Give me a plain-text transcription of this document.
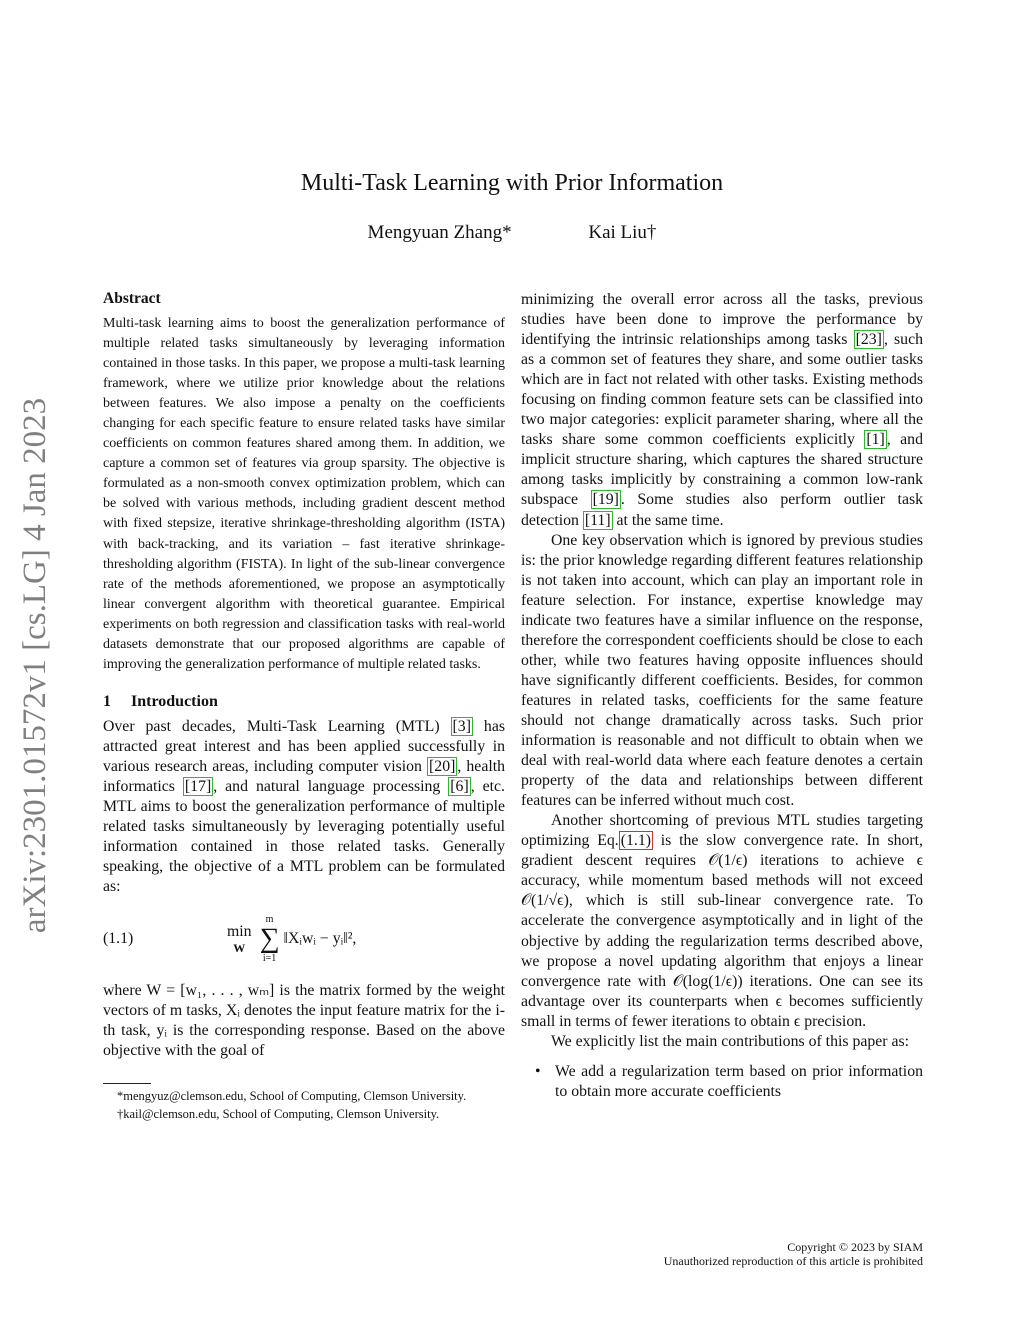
arXiv:2301.01572v1 [cs.LG] 4 Jan 2023
Multi-Task Learning with Prior Information
Mengyuan Zhang*	Kai Liu†
Abstract

Multi-task learning aims to boost the generalization performance of multiple related tasks simultaneously by leveraging information contained in those tasks. In this paper, we propose a multi-task learning framework, where we utilize prior knowledge about the relations between features. We also impose a penalty on the coefficients changing for each specific feature to ensure related tasks have similar coefficients on common features shared among them. In addition, we capture a common set of features via group sparsity. The objective is formulated as a non-smooth convex optimization problem, which can be solved with various methods, including gradient descent method with fixed stepsize, iterative shrinkage-thresholding algorithm (ISTA) with back-tracking, and its variation – fast iterative shrinkage-thresholding algorithm (FISTA). In light of the sub-linear convergence rate of the methods aforementioned, we propose an asymptotically linear convergent algorithm with theoretical guarantee. Empirical experiments on both regression and classification tasks with real-world datasets demonstrate that our proposed algorithms are capable of improving the generalization performance of multiple related tasks.

1 Introduction

Over past decades, Multi-Task Learning (MTL) [3] has attracted great interest and has been applied successfully in various research areas, including computer vision [20] , health informatics [17] , and natural language processing [6] , etc. MTL aims to boost the generalization performance of multiple related tasks simultaneously by leveraging potentially useful information contained in those related tasks. Generally speaking, the objective of a MTL problem can be formulated as:

(1.1)	min
W
m
∑
i=1
‖Xᵢwᵢ − yᵢ‖²,

where W = [w₁, . . . , wₘ] is the matrix formed by the weight vectors of m tasks, Xᵢ denotes the input feature matrix for the i-th task, yᵢ is the corresponding response. Based on the above objective with the goal of

*mengyuz@clemson.edu, School of Computing, Clemson University.

†kail@clemson.edu, School of Computing, Clemson University.

minimizing the overall error across all the tasks, previous studies have been done to improve the performance by identifying the intrinsic relationships among tasks [23] , such as a common set of features they share, and some outlier tasks which are in fact not related with other tasks. Existing methods focusing on finding common feature sets can be classified into two major categories: explicit parameter sharing, where all the tasks share some common coefficients explicitly [1] , and implicit structure sharing, which captures the shared structure among tasks implicitly by constraining a common low-rank subspace [19] . Some studies also perform outlier task detection [11] at the same time.

One key observation which is ignored by previous studies is: the prior knowledge regarding different features relationship is not taken into account, which can play an important role in feature selection. For instance, expertise knowledge may indicate two features have a similar influence on the response, therefore the correspondent coefficients should be close to each other, while two features having opposite influences should have significantly different coefficients. Besides, for common features in related tasks, coefficients for the same feature should not change dramatically across tasks. Such prior information is reasonable and not difficult to obtain when we deal with real-world data where each feature denotes a certain property of the data and relationships between different features can be inferred without much cost.

Another shortcoming of previous MTL studies targeting optimizing Eq. (1.1) is the slow convergence rate. In short, gradient descent requires 𝒪(1/ϵ) iterations to achieve ϵ accuracy, while momentum based methods will not exceed 𝒪(1/√ϵ), which is still sub-linear convergence rate. To accelerate the convergence asymptotically and in light of the objective by adding the regularization terms described above, we propose a novel updating algorithm that enjoys a linear convergence rate with 𝒪(log(1/ϵ)) iterations. One can see its advantage over its counterparts when ϵ becomes sufficiently small in terms of fewer iterations to obtain ϵ precision.

We explicitly list the main contributions of this paper as:

• We add a regularization term based on prior information to obtain more accurate coefficients
Copyright © 2023 by SIAM
Unauthorized reproduction of this article is prohibited
